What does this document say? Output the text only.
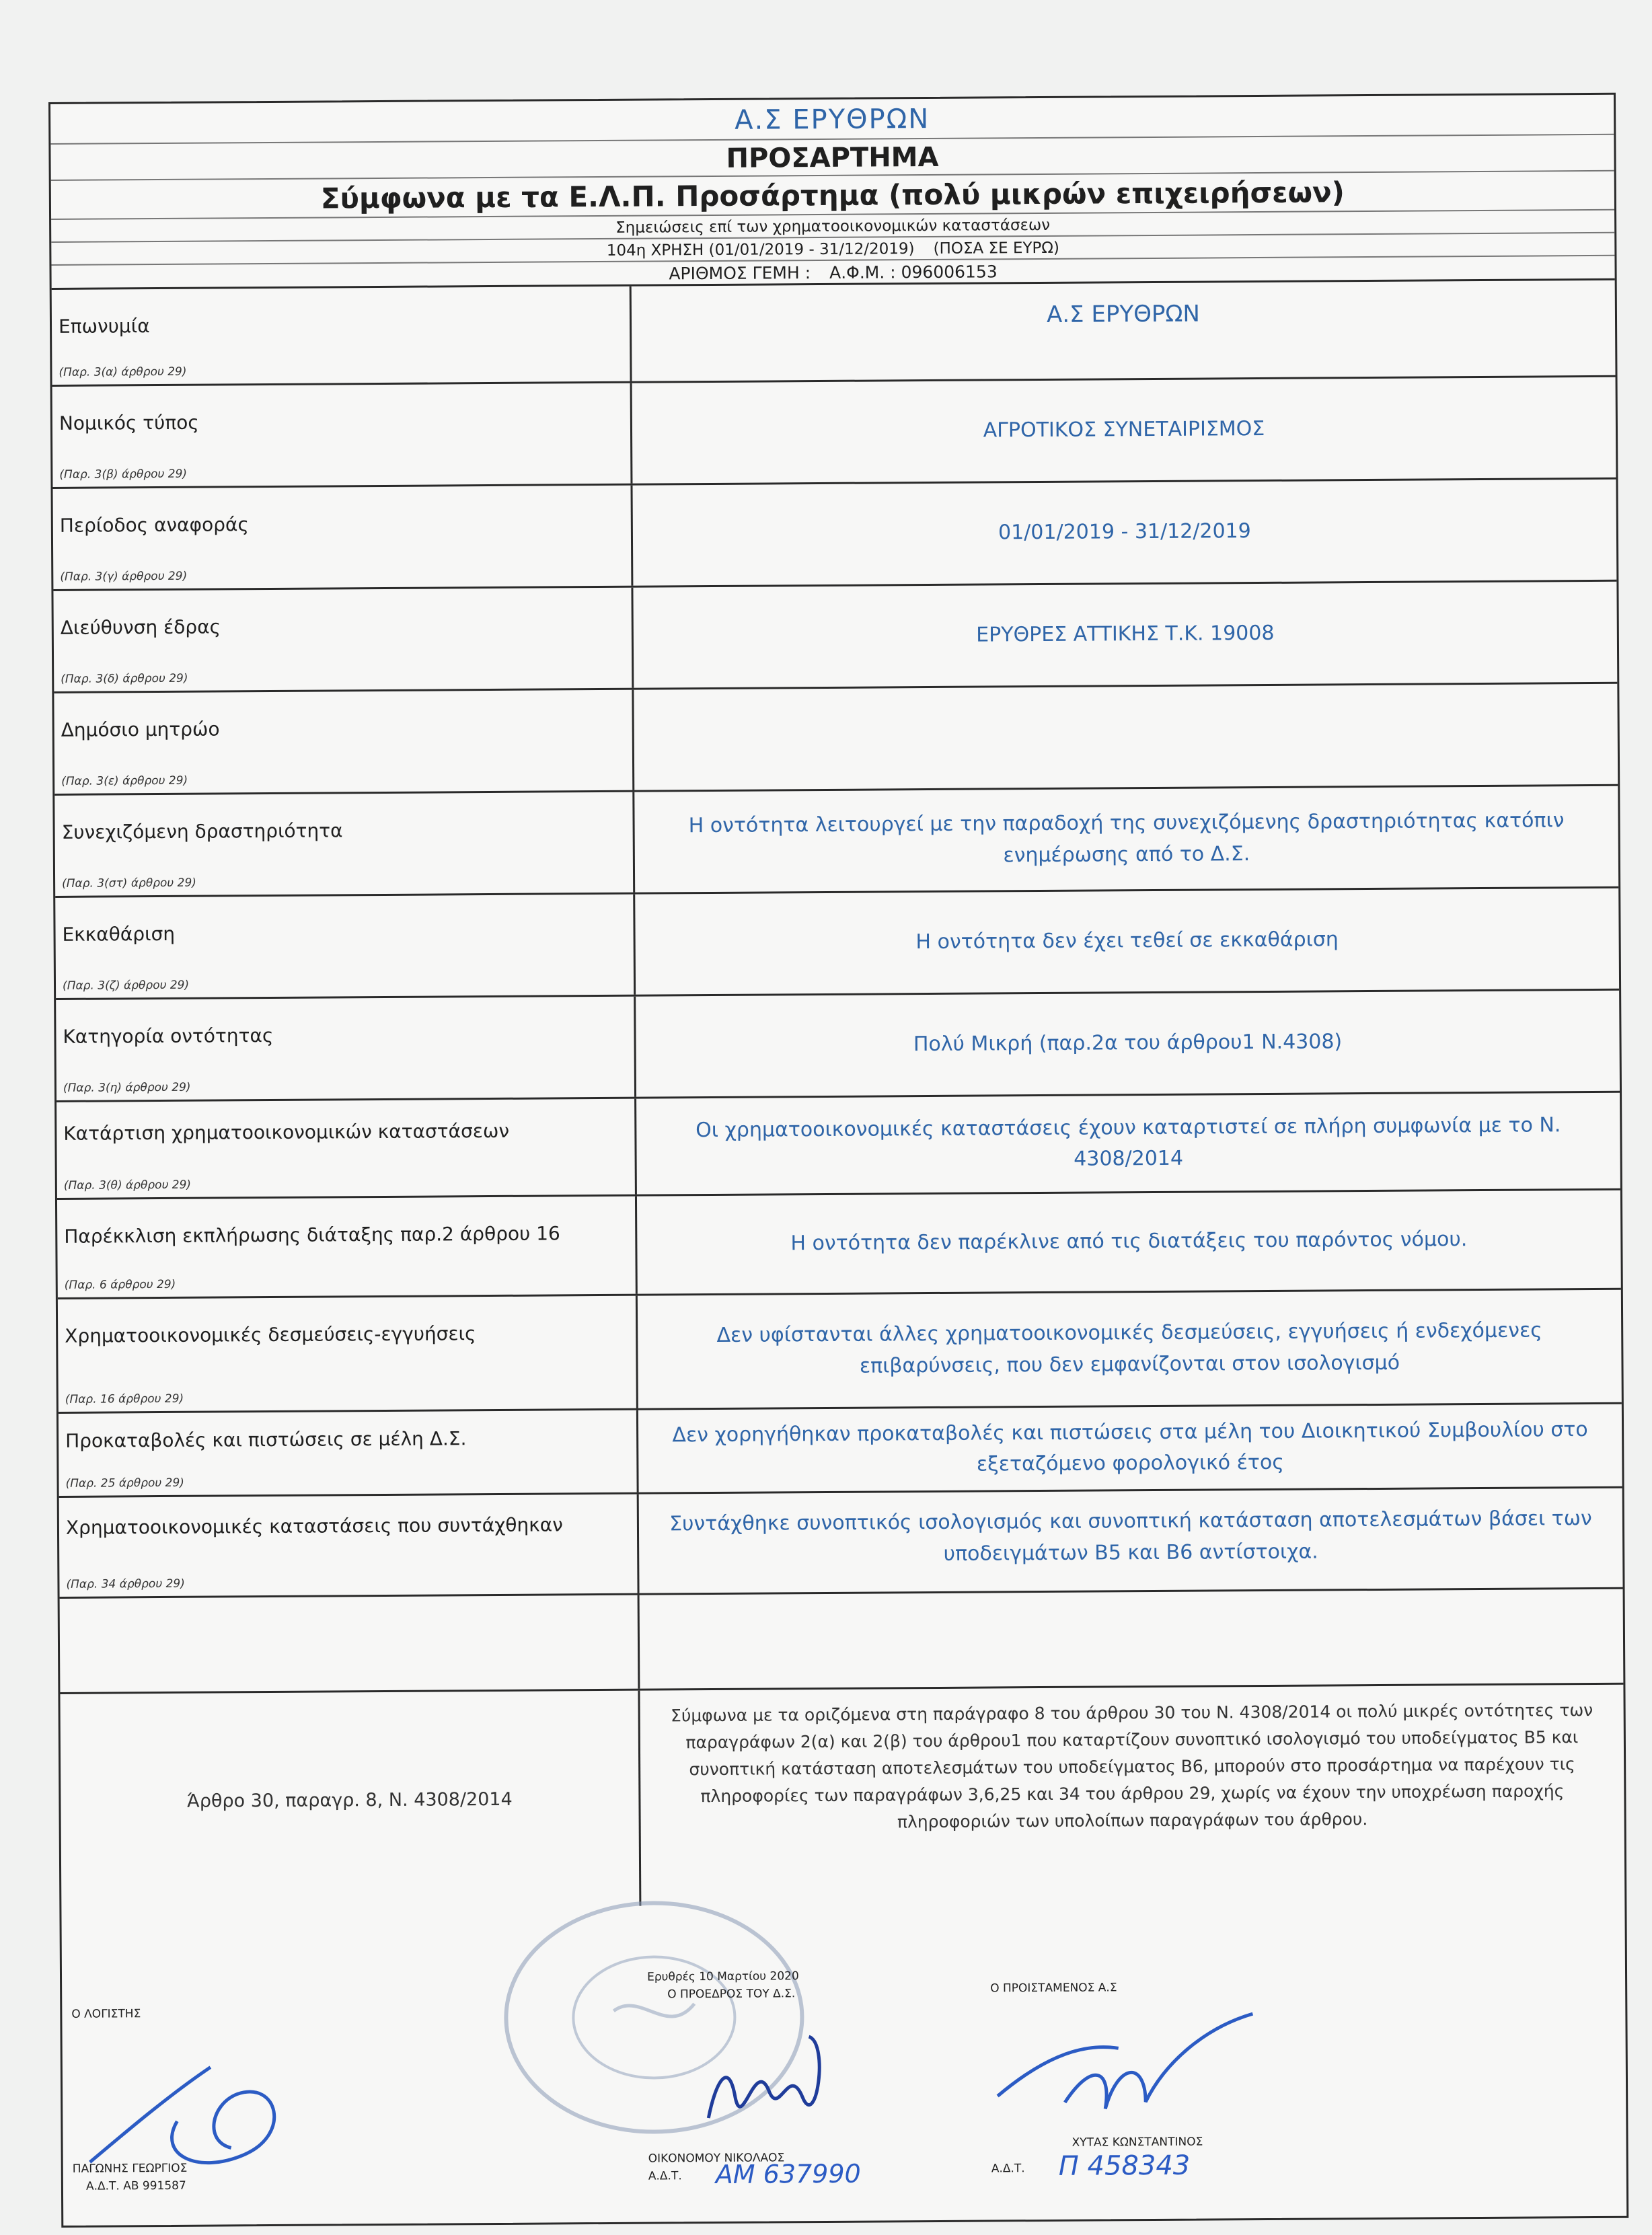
Α.Σ ΕΡΥΘΡΩΝ
ΠΡΟΣΑΡΤΗΜΑ
Σύμφωνα με τα Ε.Λ.Π. Προσάρτημα (πολύ μικρών επιχειρήσεων)
Σημειώσεις επί των χρηματοοικονομικών καταστάσεων
104η ΧΡΗΣΗ (01/01/2019 - 31/12/2019) (ΠΟΣΑ ΣΕ ΕΥΡΩ)
ΑΡΙΘΜΟΣ ΓΕΜΗ : Α.Φ.Μ. : 096006153
Επωνυμία
(Παρ. 3(α) άρθρου 29)
Α.Σ ΕΡΥΘΡΩΝ
Νομικός τύπος
(Παρ. 3(β) άρθρου 29)
ΑΓΡΟΤΙΚΟΣ ΣΥΝΕΤΑΙΡΙΣΜΟΣ
Περίοδος αναφοράς
(Παρ. 3(γ) άρθρου 29)
01/01/2019 - 31/12/2019
Διεύθυνση έδρας
(Παρ. 3(δ) άρθρου 29)
ΕΡΥΘΡΕΣ ΑΤΤΙΚΗΣ Τ.Κ. 19008
Δημόσιο μητρώο
(Παρ. 3(ε) άρθρου 29)
Συνεχιζόμενη δραστηριότητα
(Παρ. 3(στ) άρθρου 29)
Η οντότητα λειτουργεί με την παραδοχή της συνεχιζόμενης δραστηριότητας κατόπιν ενημέρωσης από το Δ.Σ.
Εκκαθάριση
(Παρ. 3(ζ) άρθρου 29)
Η οντότητα δεν έχει τεθεί σε εκκαθάριση
Κατηγορία οντότητας
(Παρ. 3(η) άρθρου 29)
Πολύ Μικρή (παρ.2α του άρθρου1 Ν.4308)
Κατάρτιση χρηματοοικονομικών καταστάσεων
(Παρ. 3(θ) άρθρου 29)
Οι χρηματοοικονομικές καταστάσεις έχουν καταρτιστεί σε πλήρη συμφωνία με το Ν. 4308/2014
Παρέκκλιση εκπλήρωσης διάταξης παρ.2 άρθρου 16
(Παρ. 6 άρθρου 29)
Η οντότητα δεν παρέκλινε από τις διατάξεις του παρόντος νόμου.
Χρηματοοικονομικές δεσμεύσεις-εγγυήσεις
(Παρ. 16 άρθρου 29)
Δεν υφίστανται άλλες χρηματοοικονομικές δεσμεύσεις, εγγυήσεις ή ενδεχόμενες επιβαρύνσεις, που δεν εμφανίζονται στον ισολογισμό
Προκαταβολές και πιστώσεις σε μέλη Δ.Σ.
(Παρ. 25 άρθρου 29)
Δεν χορηγήθηκαν προκαταβολές και πιστώσεις στα μέλη του Διοικητικού Συμβουλίου στο εξεταζόμενο φορολογικό έτος
Χρηματοοικονομικές καταστάσεις που συντάχθηκαν
(Παρ. 34 άρθρου 29)
Συντάχθηκε συνοπτικός ισολογισμός και συνοπτική κατάσταση αποτελεσμάτων βάσει των υποδειγμάτων Β5 και Β6 αντίστοιχα.
Άρθρο 30, παραγρ. 8, Ν. 4308/2014
Σύμφωνα με τα οριζόμενα στη παράγραφο 8 του άρθρου 30 του Ν. 4308/2014 οι πολύ μικρές οντότητες των παραγράφων 2(α) και 2(β) του άρθρου1 που καταρτίζουν συνοπτικό ισολογισμό του υποδείγματος Β5 και συνοπτική κατάσταση αποτελεσμάτων του υποδείγματος Β6, μπορούν στο προσάρτημα να παρέχουν τις πληροφορίες των παραγράφων 3,6,25 και 34 του άρθρου 29, χωρίς να έχουν την υποχρέωση παροχής πληροφοριών των υπολοίπων παραγράφων του άρθρου.
Ο ΛΟΓΙΣΤΗΣ
ΠΑΓΩΝΗΣ ΓΕΩΡΓΙΟΣ
Α.Δ.Τ. ΑΒ 991587
Ερυθρές 10 Μαρτίου 2020
Ο ΠΡΟΕΔΡΟΣ ΤΟΥ Δ.Σ.
ΟΙΚΟΝΟΜΟΥ ΝΙΚΟΛΑΟΣ
Α.Δ.Τ. ΑΜ 637990
Ο ΠΡΟΙΣΤΑΜΕΝΟΣ Α.Σ
ΧΥΤΑΣ ΚΩΝΣΤΑΝΤΙΝΟΣ
Α.Δ.Τ. Π 458343
